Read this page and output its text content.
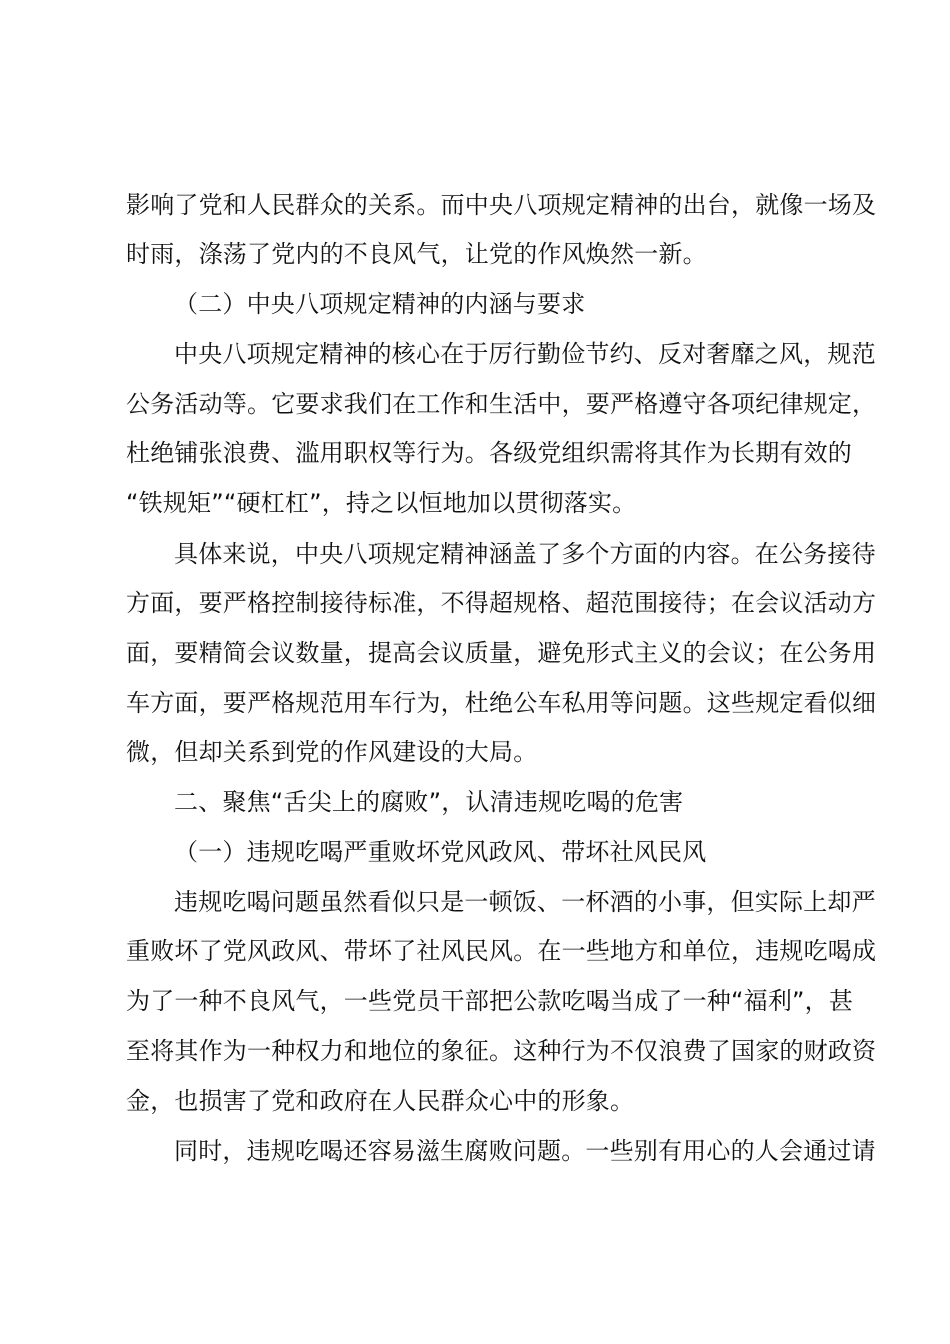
影响了党和人民群众的关系。而中央八项规定精神的出台，就像一场及
时雨，涤荡了党内的不良风气，让党的作风焕然一新。
（二）中央八项规定精神的内涵与要求
中央八项规定精神的核心在于厉行勤俭节约、反对奢靡之风，规范
公务活动等。它要求我们在工作和生活中，要严格遵守各项纪律规定，
杜绝铺张浪费、滥用职权等行为。各级党组织需将其作为长期有效的
“铁规矩”“硬杠杠”，持之以恒地加以贯彻落实。
具体来说，中央八项规定精神涵盖了多个方面的内容。在公务接待
方面，要严格控制接待标准，不得超规格、超范围接待；在会议活动方
面，要精简会议数量，提高会议质量，避免形式主义的会议；在公务用
车方面，要严格规范用车行为，杜绝公车私用等问题。这些规定看似细
微，但却关系到党的作风建设的大局。
二、聚焦“舌尖上的腐败”，认清违规吃喝的危害
（一）违规吃喝严重败坏党风政风、带坏社风民风
违规吃喝问题虽然看似只是一顿饭、一杯酒的小事，但实际上却严
重败坏了党风政风、带坏了社风民风。在一些地方和单位，违规吃喝成
为了一种不良风气，一些党员干部把公款吃喝当成了一种“福利”，甚
至将其作为一种权力和地位的象征。这种行为不仅浪费了国家的财政资
金，也损害了党和政府在人民群众心中的形象。
同时，违规吃喝还容易滋生腐败问题。一些别有用心的人会通过请
